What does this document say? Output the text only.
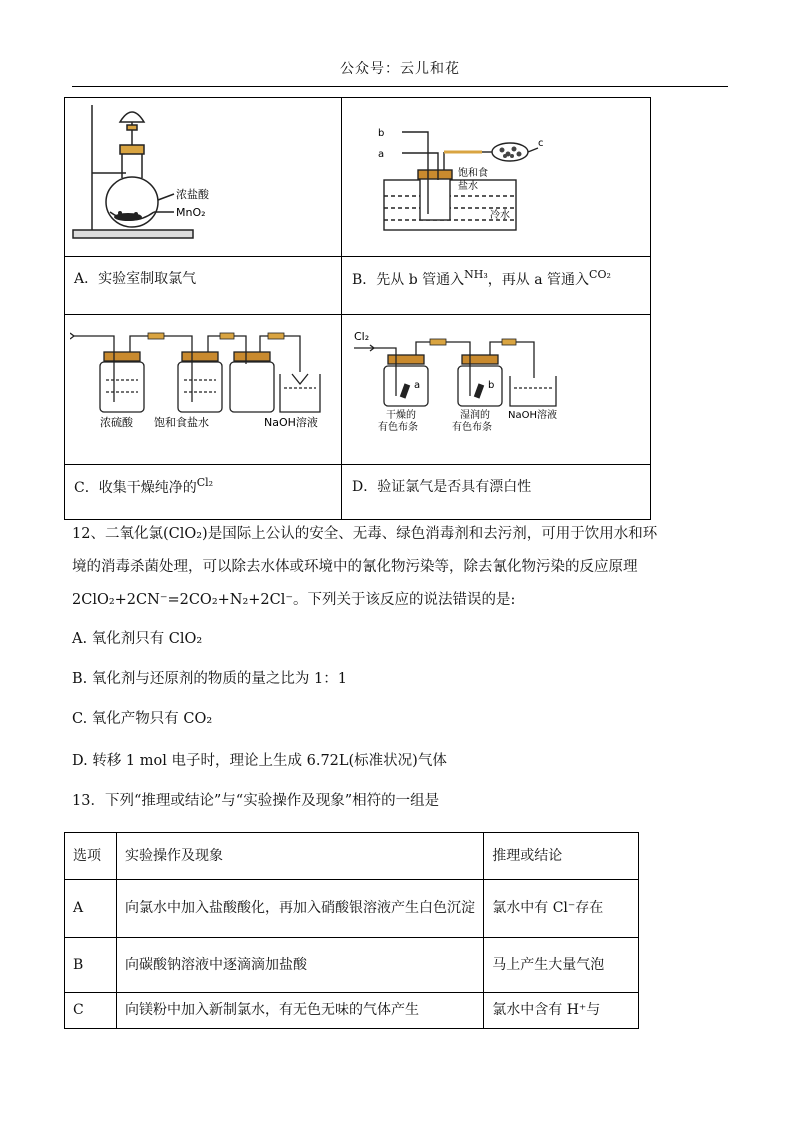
公众号：云儿和花
浓盐酸
MnO₂
b
a
c
饱和食
盐水
冷水
浓硫酸 饱和食盐水	NaOH溶液
Cl₂
a	b
干燥的
有色布条
湿润的
有色布条
NaOH溶液
A．实验室制取氯气	B．先从 b 管通入$^{NH_3}$，再从 a 管通入$^{CO_2}$
C．收集干燥纯净的$^{Cl_2}$	D．验证氯气是否具有漂白性
12、二氧化氯(ClO₂)是国际上公认的安全、无毒、绿色消毒剂和去污剂，可用于饮用水和环
境的消毒杀菌处理，可以除去水体或环境中的氰化物污染等，除去氰化物污染的反应原理
2ClO₂+2CN⁻=2CO₂+N₂+2Cl⁻。下列关于该反应的说法错误的是:
A. 氧化剂只有 ClO₂
B. 氧化剂与还原剂的物质的量之比为 1：1
C. 氧化产物只有 CO₂
D. 转移 1 mol 电子时，理论上生成 6.72L(标准状况)气体
13．下列“推理或结论”与“实验操作及现象”相符的一组是
选项	实验操作及现象	推理或结论
A	向氯水中加入盐酸酸化，再加入硝酸银溶液产生白色沉淀	氯水中有 Cl⁻存在
B	向碳酸钠溶液中逐滴滴加盐酸	马上产生大量气泡
C	向镁粉中加入新制氯水，有无色无味的气体产生	氯水中含有 H⁺与
